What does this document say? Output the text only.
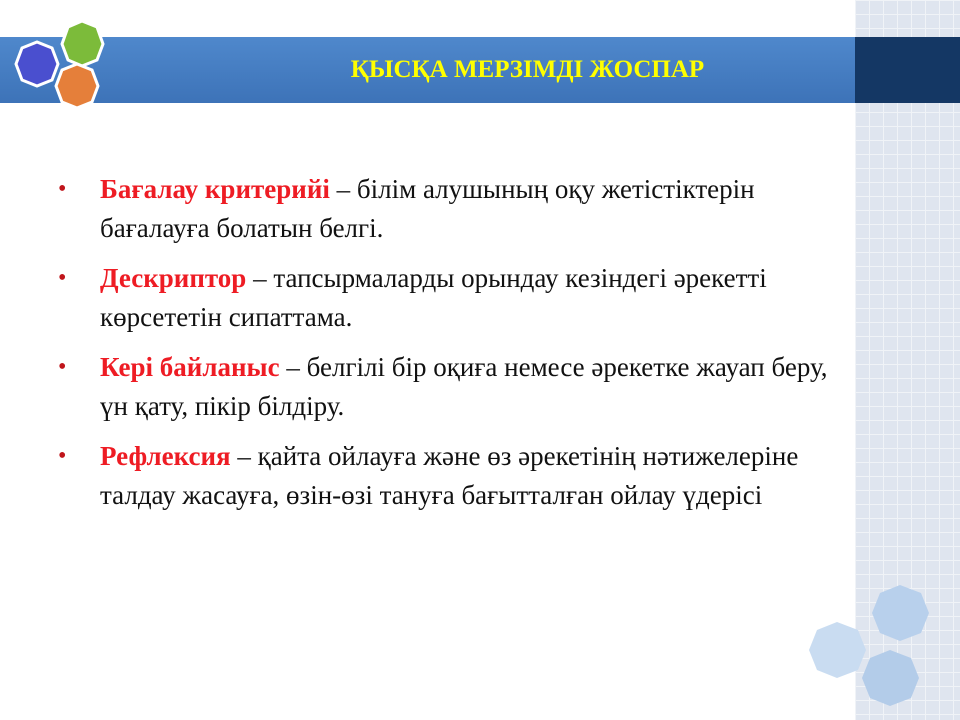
ҚЫСҚА МЕРЗІМДІ ЖОСПАР
• Бағалау критерийі – білім алушының оқу жетістіктерін бағалауға болатын белгі.
• Дескриптор – тапсырмаларды орындау кезіндегі әрекетті көрсететін сипаттама.
• Кері байланыс – белгілі бір оқиға немесе әрекетке жауап беру, үн қату, пікір білдіру.
• Рефлексия – қайта ойлауға және өз әрекетінің нәтижелеріне талдау жасауға, өзін-өзі тануға бағытталған ойлау үдерісі
